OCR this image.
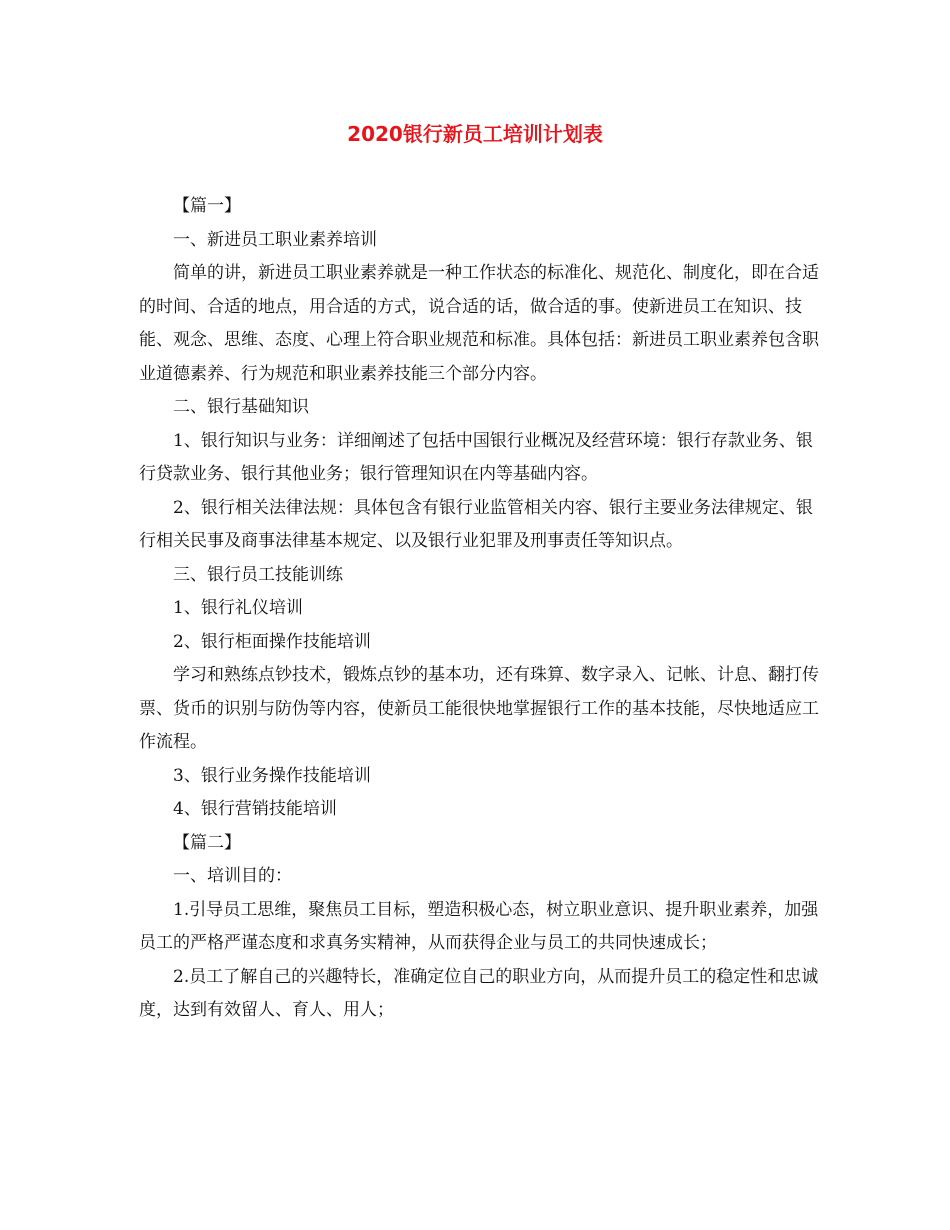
2020银行新员工培训计划表

【篇一】

一、新进员工职业素养培训

简单的讲，新进员工职业素养就是一种工作状态的标准化、规范化、制度化，即在合适的时间、合适的地点，用合适的方式，说合适的话，做合适的事。使新进员工在知识、技能、观念、思维、态度、心理上符合职业规范和标准。具体包括：新进员工职业素养包含职业道德素养、行为规范和职业素养技能三个部分内容。

二、银行基础知识

1、银行知识与业务：详细阐述了包括中国银行业概况及经营环境：银行存款业务、银行贷款业务、银行其他业务；银行管理知识在内等基础内容。

2、银行相关法律法规：具体包含有银行业监管相关内容、银行主要业务法律规定、银行相关民事及商事法律基本规定、以及银行业犯罪及刑事责任等知识点。

三、银行员工技能训练

1、银行礼仪培训

2、银行柜面操作技能培训

学习和熟练点钞技术，锻炼点钞的基本功，还有珠算、数字录入、记帐、计息、翻打传票、货币的识别与防伪等内容，使新员工能很快地掌握银行工作的基本技能，尽快地适应工作流程。

3、银行业务操作技能培训

4、银行营销技能培训

【篇二】

一、培训目的：

1.引导员工思维，聚焦员工目标，塑造积极心态，树立职业意识、提升职业素养，加强员工的严格严谨态度和求真务实精神，从而获得企业与员工的共同快速成长；

2.员工了解自己的兴趣特长，准确定位自己的职业方向，从而提升员工的稳定性和忠诚度，达到有效留人、育人、用人；
